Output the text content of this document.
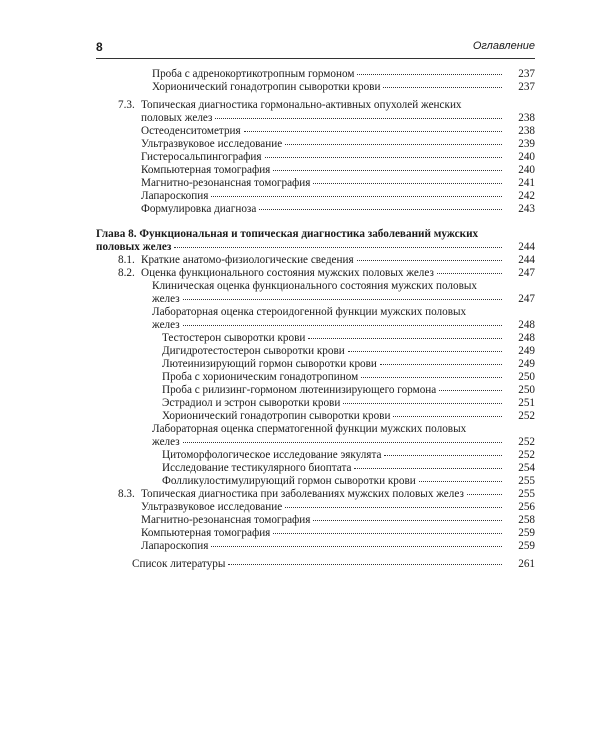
8	Оглавление
Проба с адренокортикотропным гормоном	237
Хорионический гонадотропин сыворотки крови	237
7.3. Топическая диагностика гормонально-активных опухолей женских
половых желез	238
Остеоденситометрия	238
Ультразвуковое исследование	239
Гистеросальпингография	240
Компьютерная томография	240
Магнитно-резонансная томография	241
Лапароскопия	242
Формулировка диагноза	243
Глава 8. Функциональная и топическая диагностика заболеваний мужских
половых желез	244
8.1. Краткие анатомо-физиологические сведения	244
8.2. Оценка функционального состояния мужских половых желез	247
Клиническая оценка функционального состояния мужских половых
желез	247
Лабораторная оценка стероидогенной функции мужских половых
желез	248
Тестостерон сыворотки крови	248
Дигидротестостерон сыворотки крови	249
Лютеинизирующий гормон сыворотки крови	249
Проба с хорионическим гонадотропином	250
Проба с рилизинг-гормоном лютеинизирующего гормона	250
Эстрадиол и эстрон сыворотки крови	251
Хорионический гонадотропин сыворотки крови	252
Лабораторная оценка сперматогенной функции мужских половых
желез	252
Цитоморфологическое исследование эякулята	252
Исследование тестикулярного биоптата	254
Фолликулостимулирующий гормон сыворотки крови	255
8.3. Топическая диагностика при заболеваниях мужских половых желез	255
Ультразвуковое исследование	256
Магнитно-резонансная томография	258
Компьютерная томография	259
Лапароскопия	259
Список литературы	261
